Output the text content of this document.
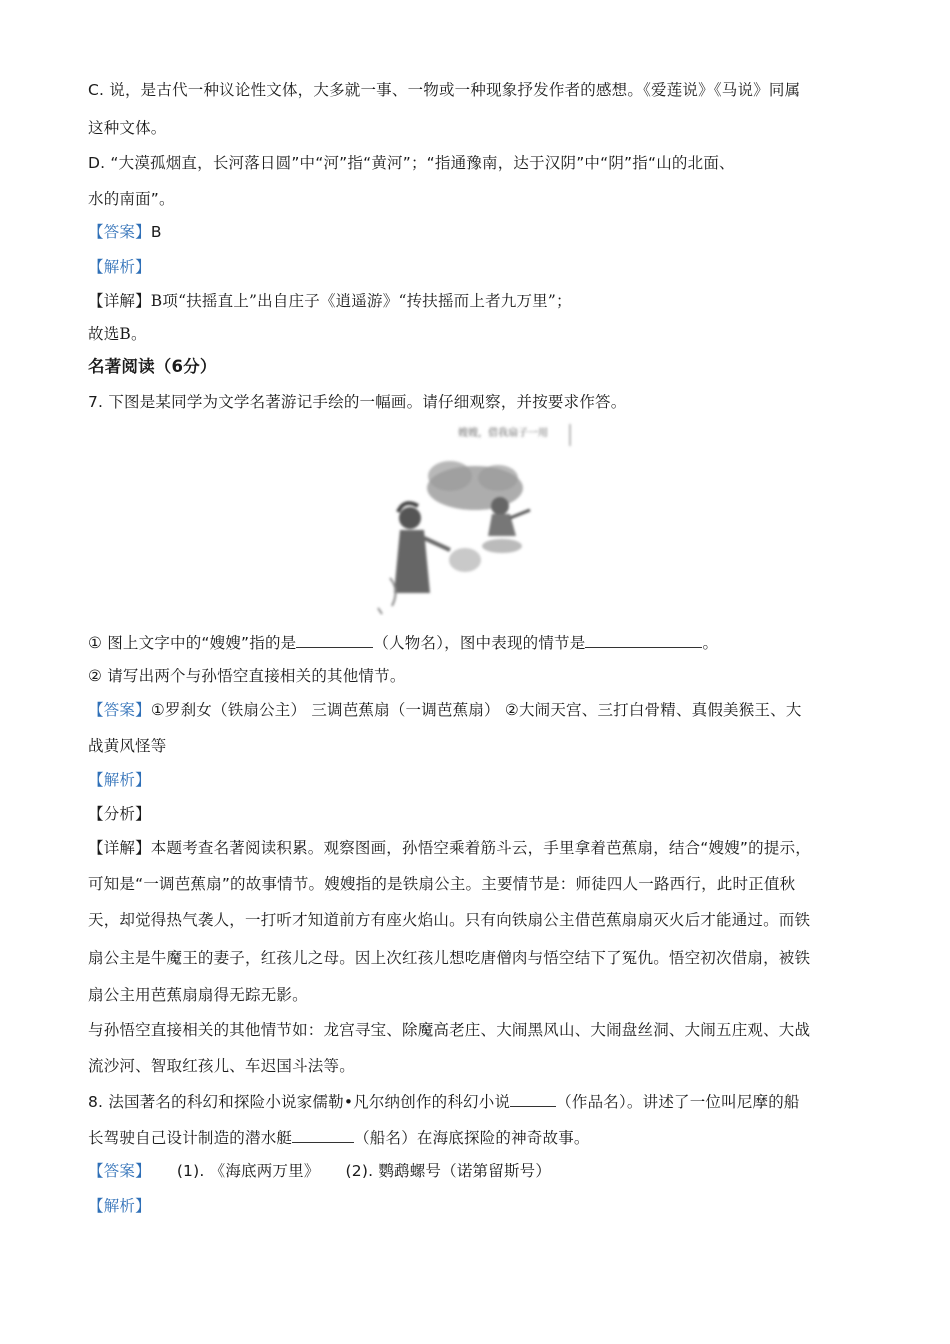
C. 说，是古代一种议论性文体，大多就一事、一物或一种现象抒发作者的感想。《爱莲说》《马说》同属
这种文体。
D. “大漠孤烟直，长河落日圆”中“河”指“黄河”；“指通豫南，达于汉阴”中“阴”指“山的北面、
水的南面”。
【答案】B
【解析】
【详解】B项“扶摇直上”出自庄子《逍遥游》“抟扶摇而上者九万里”；
故选B。
名著阅读（6分）
7. 下图是某同学为文学名著游记手绘的一幅画。请仔细观察，并按要求作答。
嫂嫂，借我扇子一用
① 图上文字中的“嫂嫂”指的是	（人物名），图中表现的情节是	。
② 请写出两个与孙悟空直接相关的其他情节。
【答案】①罗刹女（铁扇公主） 三调芭蕉扇（一调芭蕉扇） ②大闹天宫、三打白骨精、真假美猴王、大
战黄风怪等
【解析】
【分析】
【详解】本题考查名著阅读积累。观察图画，孙悟空乘着筋斗云，手里拿着芭蕉扇，结合“嫂嫂”的提示，
可知是“一调芭蕉扇”的故事情节。嫂嫂指的是铁扇公主。主要情节是：师徒四人一路西行，此时正值秋
天，却觉得热气袭人，一打听才知道前方有座火焰山。只有向铁扇公主借芭蕉扇扇灭火后才能通过。而铁
扇公主是牛魔王的妻子，红孩儿之母。因上次红孩儿想吃唐僧肉与悟空结下了冤仇。悟空初次借扇，被铁
扇公主用芭蕉扇扇得无踪无影。
与孙悟空直接相关的其他情节如：龙宫寻宝、除魔高老庄、大闹黑风山、大闹盘丝洞、大闹五庄观、大战
流沙河、智取红孩儿、车迟国斗法等。
8. 法国著名的科幻和探险小说家儒勒•凡尔纳创作的科幻小说	（作品名）。讲述了一位叫尼摩的船
长驾驶自己设计制造的潜水艇	（船名）在海底探险的神奇故事。
【答案】 (1). 《海底两万里》 (2). 鹦鹉螺号（诺第留斯号）
【解析】
